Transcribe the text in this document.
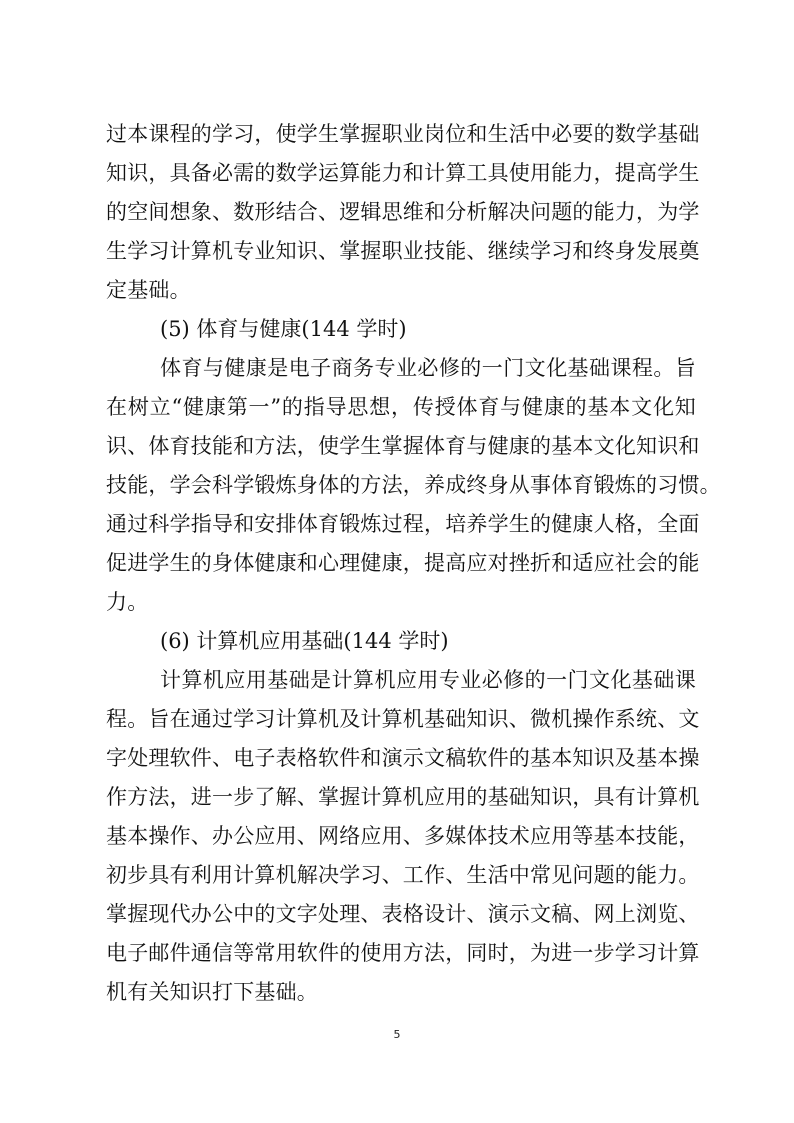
过本课程的学习，使学生掌握职业岗位和生活中必要的数学基础
知识，具备必需的数学运算能力和计算工具使用能力，提高学生
的空间想象、数形结合、逻辑思维和分析解决问题的能力，为学
生学习计算机专业知识、掌握职业技能、继续学习和终身发展奠
定基础。
(5) 体育与健康(144 学时)
体育与健康是电子商务专业必修的一门文化基础课程。旨
在树立“健康第一”的指导思想，传授体育与健康的基本文化知
识、体育技能和方法，使学生掌握体育与健康的基本文化知识和
技能，学会科学锻炼身体的方法，养成终身从事体育锻炼的习惯。
通过科学指导和安排体育锻炼过程，培养学生的健康人格，全面
促进学生的身体健康和心理健康，提高应对挫折和适应社会的能
力。
(6) 计算机应用基础(144 学时)
计算机应用基础是计算机应用专业必修的一门文化基础课
程。旨在通过学习计算机及计算机基础知识、微机操作系统、文
字处理软件、电子表格软件和演示文稿软件的基本知识及基本操
作方法，进一步了解、掌握计算机应用的基础知识，具有计算机
基本操作、办公应用、网络应用、多媒体技术应用等基本技能，
初步具有利用计算机解决学习、工作、生活中常见问题的能力。
掌握现代办公中的文字处理、表格设计、演示文稿、网上浏览、
电子邮件通信等常用软件的使用方法，同时，为进一步学习计算
机有关知识打下基础。
5
